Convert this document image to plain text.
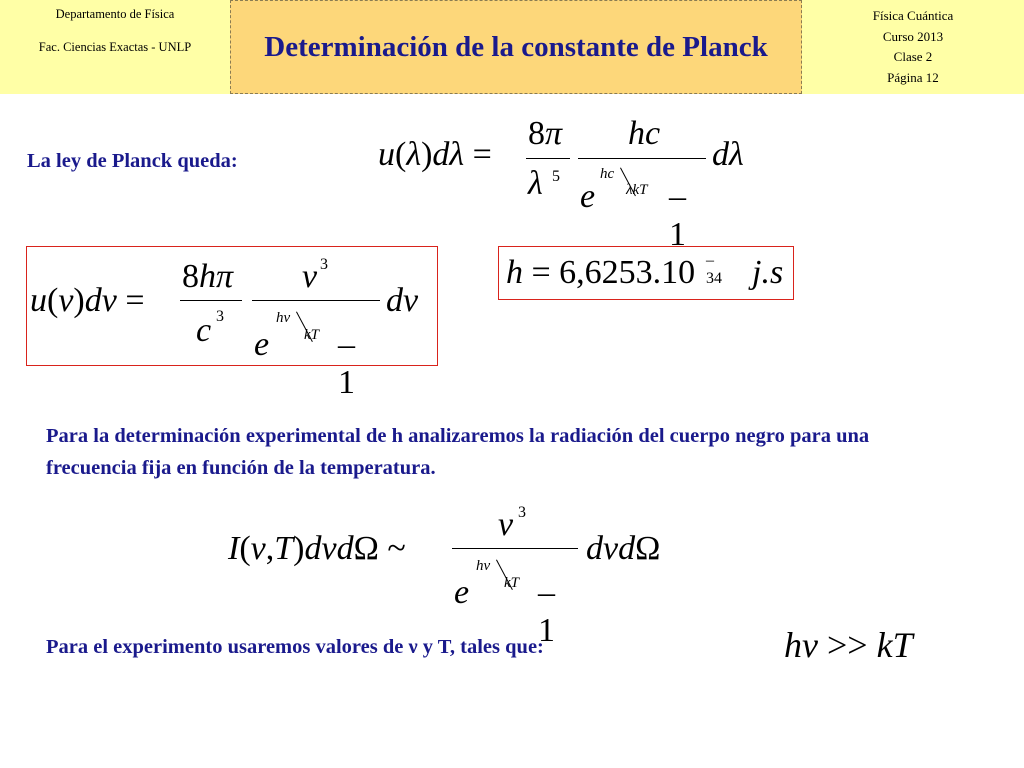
Departamento de Física
Fac. Ciencias Exactas - UNLP	Determinación de la constante de Planck
Física Cuántica
Curso 2013
Clase 2
Página 12
La ley de Planck queda:	u(λ)dλ =
8π
λ 5
hc
e
hc
λkT –1
dλ
u(ν)dν =
8hπ
c 3
ν 3
e
hν
kT –1
dν
h = 6,6253.10 –34 j.s
Para la determinación experimental de h analizaremos la radiación del cuerpo negro para una frecuencia fija en función de la temperatura.
I(ν,T)dνdΩ ~
ν 3
e
hν
kT –1
dνdΩ
Para el experimento usaremos valores de ν y T, tales que:	hν >> kT
